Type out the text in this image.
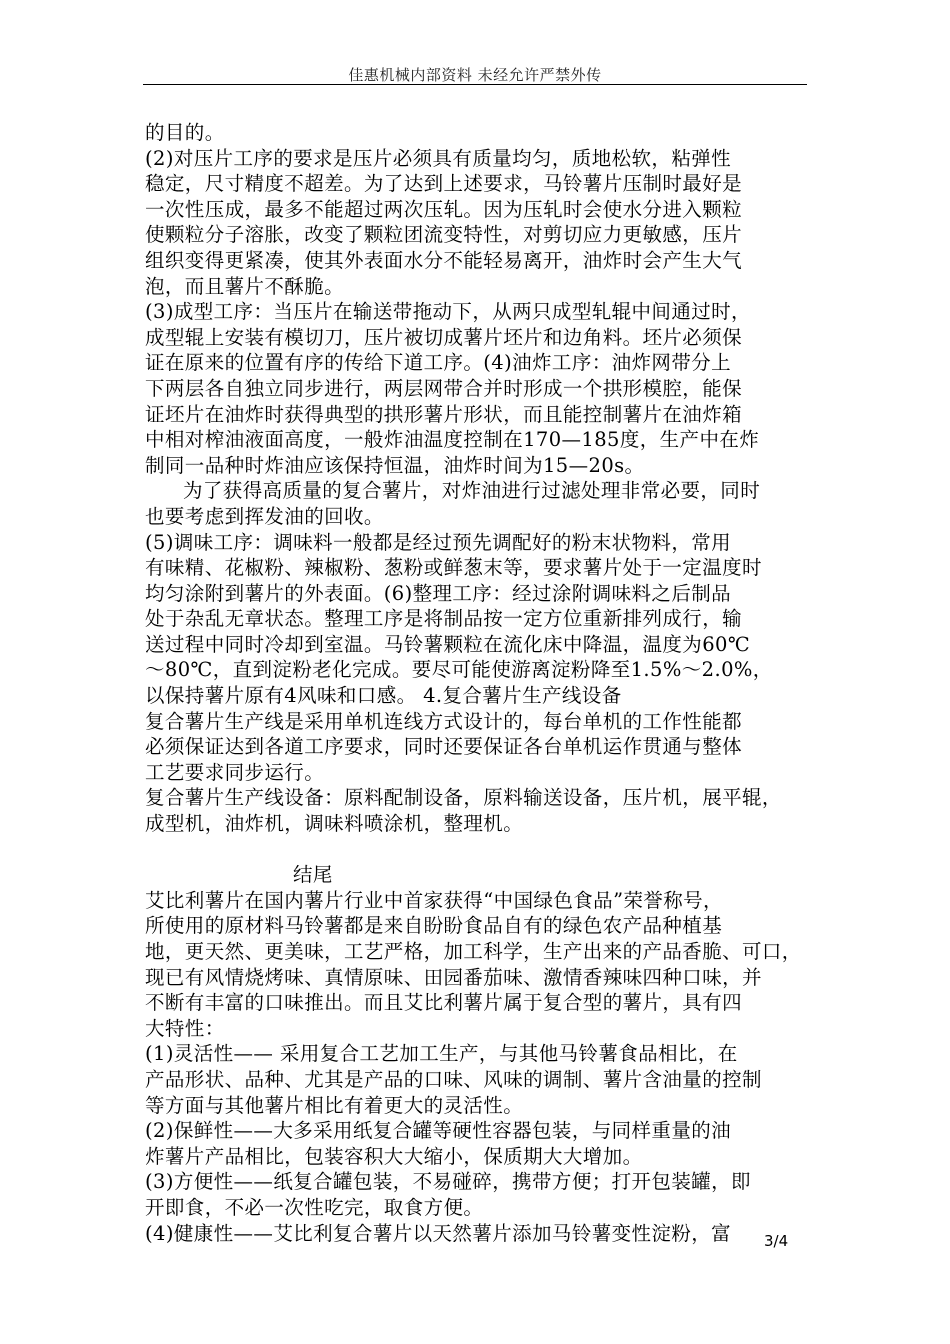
佳惠机械内部资料 未经允许严禁外传

的目的。

(2)对压片工序的要求是压片必须具有质量均匀，质地松软，粘弹性

稳定，尺寸精度不超差。为了达到上述要求，马铃薯片压制时最好是

一次性压成，最多不能超过两次压轧。因为压轧时会使水分进入颗粒

使颗粒分子溶胀，改变了颗粒团流变特性，对剪切应力更敏感，压片

组织变得更紧凑，使其外表面水分不能轻易离开，油炸时会产生大气

泡，而且薯片不酥脆。

(3)成型工序：当压片在输送带拖动下，从两只成型轧辊中间通过时，

成型辊上安装有模切刀，压片被切成薯片坯片和边角料。坯片必须保

证在原来的位置有序的传给下道工序。(4)油炸工序：油炸网带分上

下两层各自独立同步进行，两层网带合并时形成一个拱形模腔，能保

证坯片在油炸时获得典型的拱形薯片形状，而且能控制薯片在油炸箱

中相对榨油液面高度，一般炸油温度控制在170—185度，生产中在炸

制同一品种时炸油应该保持恒温，油炸时间为15—20s。

为了获得高质量的复合薯片，对炸油进行过滤处理非常必要，同时

也要考虑到挥发油的回收。

(5)调味工序：调味料一般都是经过预先调配好的粉末状物料，常用

有味精、花椒粉、辣椒粉、葱粉或鲜葱末等，要求薯片处于一定温度时

均匀涂附到薯片的外表面。(6)整理工序：经过涂附调味料之后制品

处于杂乱无章状态。整理工序是将制品按一定方位重新排列成行，输

送过程中同时冷却到室温。马铃薯颗粒在流化床中降温，温度为60℃

～80℃，直到淀粉老化完成。要尽可能使游离淀粉降至1.5%～2.0%，

以保持薯片原有4风味和口感。 4.复合薯片生产线设备

复合薯片生产线是采用单机连线方式设计的，每台单机的工作性能都

必须保证达到各道工序要求，同时还要保证各台单机运作贯通与整体

工艺要求同步运行。

复合薯片生产线设备：原料配制设备，原料输送设备，压片机，展平辊，

成型机，油炸机，调味料喷涂机，整理机。

结尾

艾比利薯片在国内薯片行业中首家获得“中国绿色食品”荣誉称号，

所使用的原材料马铃薯都是来自盼盼食品自有的绿色农产品种植基

地，更天然、更美味，工艺严格，加工科学，生产出来的产品香脆、可口，

现已有风情烧烤味、真情原味、田园番茄味、激情香辣味四种口味，并

不断有丰富的口味推出。而且艾比利薯片属于复合型的薯片，具有四

大特性：

(1)灵活性—— 采用复合工艺加工生产，与其他马铃薯食品相比，在

产品形状、品种、尤其是产品的口味、风味的调制、薯片含油量的控制

等方面与其他薯片相比有着更大的灵活性。

(2)保鲜性——大多采用纸复合罐等硬性容器包装，与同样重量的油

炸薯片产品相比，包装容积大大缩小，保质期大大增加。

(3)方便性——纸复合罐包装，不易碰碎，携带方便；打开包装罐，即

开即食，不必一次性吃完，取食方便。

(4)健康性——艾比利复合薯片以天然薯片添加马铃薯变性淀粉，富	3/4
